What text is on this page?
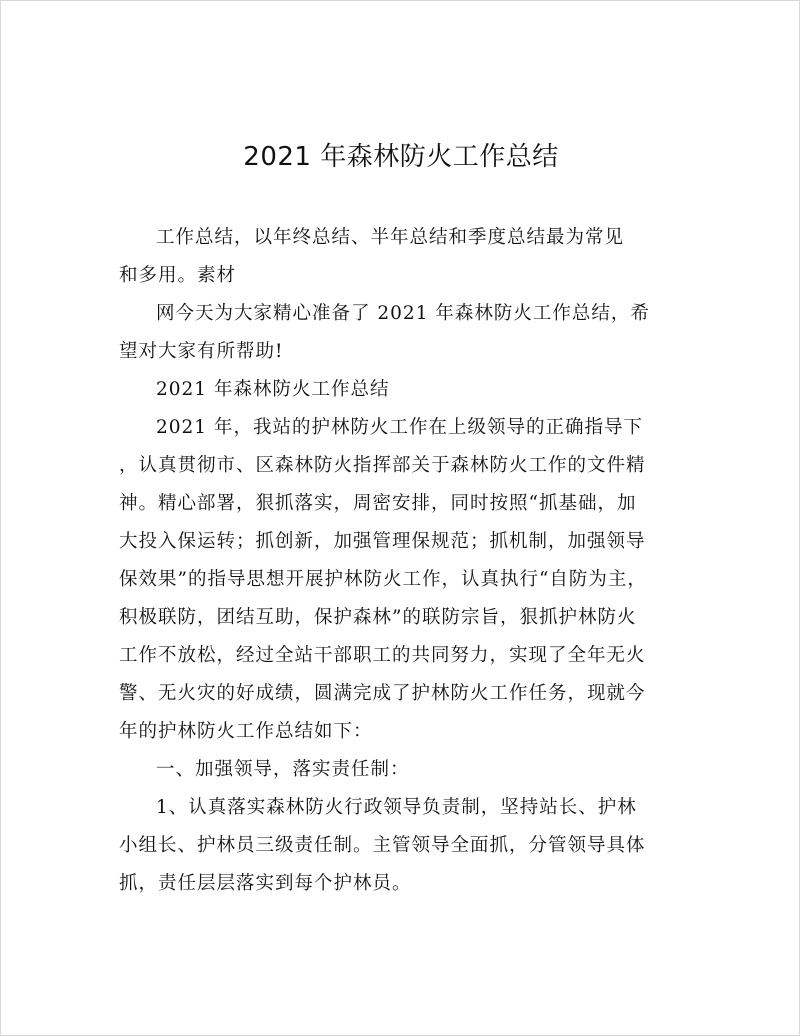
2021 年森林防火工作总结

工作总结，以年终总结、半年总结和季度总结最为常见
和多用。素材

网今天为大家精心准备了 2021 年森林防火工作总结，希
望对大家有所帮助!

2021 年森林防火工作总结

2021 年，我站的护林防火工作在上级领导的正确指导下
，认真贯彻市、区森林防火指挥部关于森林防火工作的文件精
神。精心部署，狠抓落实，周密安排，同时按照“抓基础，加
大投入保运转；抓创新，加强管理保规范；抓机制，加强领导
保效果”的指导思想开展护林防火工作，认真执行“自防为主，
积极联防，团结互助，保护森林”的联防宗旨，狠抓护林防火
工作不放松，经过全站干部职工的共同努力，实现了全年无火
警、无火灾的好成绩，圆满完成了护林防火工作任务，现就今
年的护林防火工作总结如下：

一、加强领导，落实责任制：

1、认真落实森林防火行政领导负责制，坚持站长、护林
小组长、护林员三级责任制。主管领导全面抓，分管领导具体
抓，责任层层落实到每个护林员。
